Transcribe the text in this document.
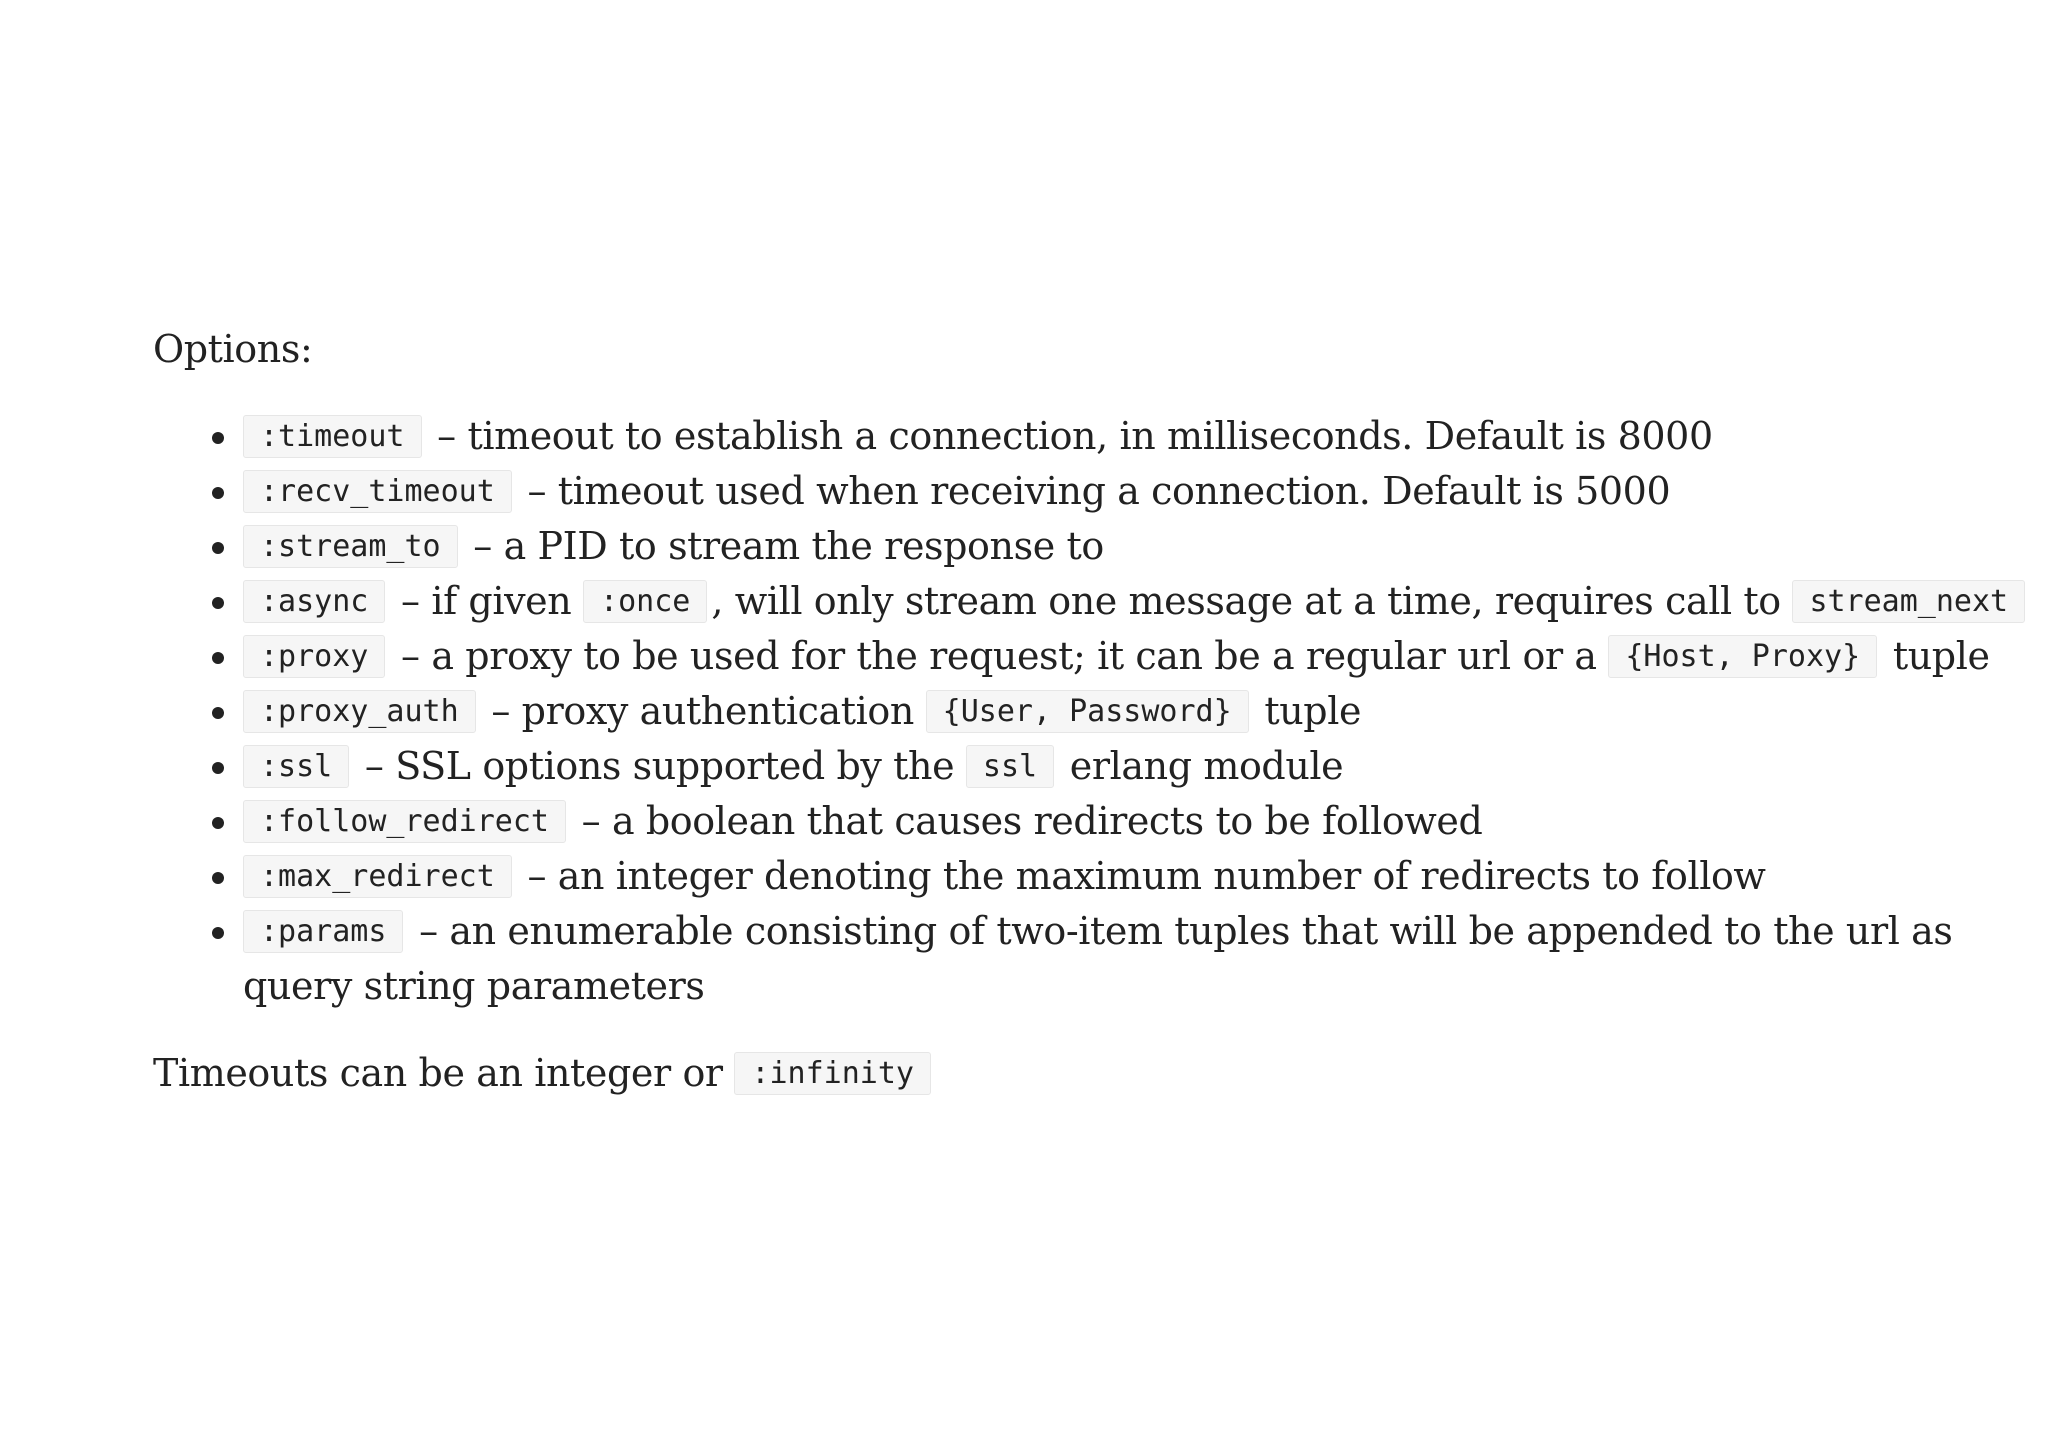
Options:

:timeout – timeout to establish a connection, in milliseconds. Default is 8000
:recv_timeout – timeout used when receiving a connection. Default is 5000
:stream_to – a PID to stream the response to
:async – if given :once , will only stream one message at a time, requires call to stream_next
:proxy – a proxy to be used for the request; it can be a regular url or a {Host, Proxy} tuple
:proxy_auth – proxy authentication {User, Password} tuple
:ssl – SSL options supported by the ssl erlang module
:follow_redirect – a boolean that causes redirects to be followed
:max_redirect – an integer denoting the maximum number of redirects to follow
:params – an enumerable consisting of two-item tuples that will be appended to the url as query string parameters

Timeouts can be an integer or :infinity
